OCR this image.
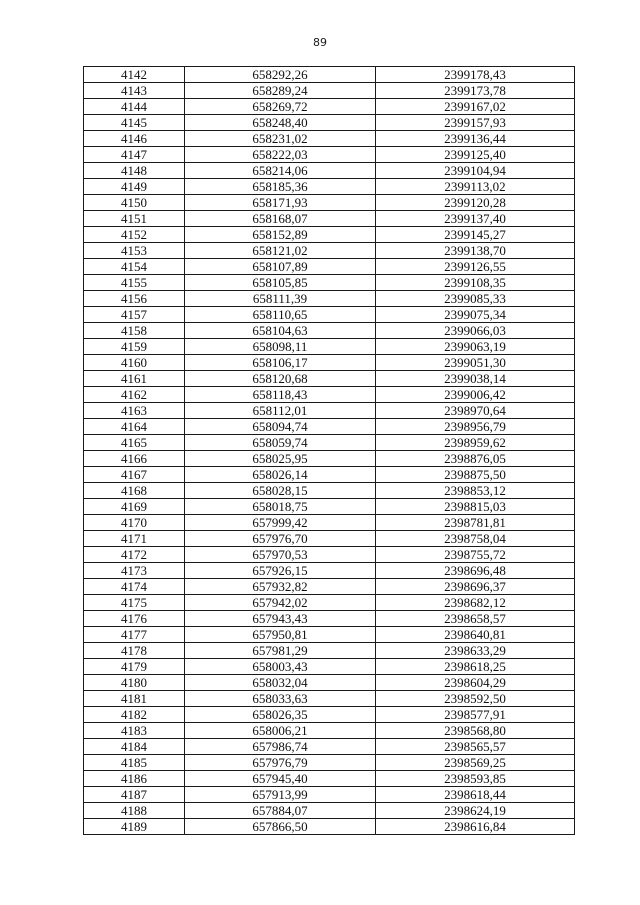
89
4142	658292,26	2399178,43
4143	658289,24	2399173,78
4144	658269,72	2399167,02
4145	658248,40	2399157,93
4146	658231,02	2399136,44
4147	658222,03	2399125,40
4148	658214,06	2399104,94
4149	658185,36	2399113,02
4150	658171,93	2399120,28
4151	658168,07	2399137,40
4152	658152,89	2399145,27
4153	658121,02	2399138,70
4154	658107,89	2399126,55
4155	658105,85	2399108,35
4156	658111,39	2399085,33
4157	658110,65	2399075,34
4158	658104,63	2399066,03
4159	658098,11	2399063,19
4160	658106,17	2399051,30
4161	658120,68	2399038,14
4162	658118,43	2399006,42
4163	658112,01	2398970,64
4164	658094,74	2398956,79
4165	658059,74	2398959,62
4166	658025,95	2398876,05
4167	658026,14	2398875,50
4168	658028,15	2398853,12
4169	658018,75	2398815,03
4170	657999,42	2398781,81
4171	657976,70	2398758,04
4172	657970,53	2398755,72
4173	657926,15	2398696,48
4174	657932,82	2398696,37
4175	657942,02	2398682,12
4176	657943,43	2398658,57
4177	657950,81	2398640,81
4178	657981,29	2398633,29
4179	658003,43	2398618,25
4180	658032,04	2398604,29
4181	658033,63	2398592,50
4182	658026,35	2398577,91
4183	658006,21	2398568,80
4184	657986,74	2398565,57
4185	657976,79	2398569,25
4186	657945,40	2398593,85
4187	657913,99	2398618,44
4188	657884,07	2398624,19
4189	657866,50	2398616,84
